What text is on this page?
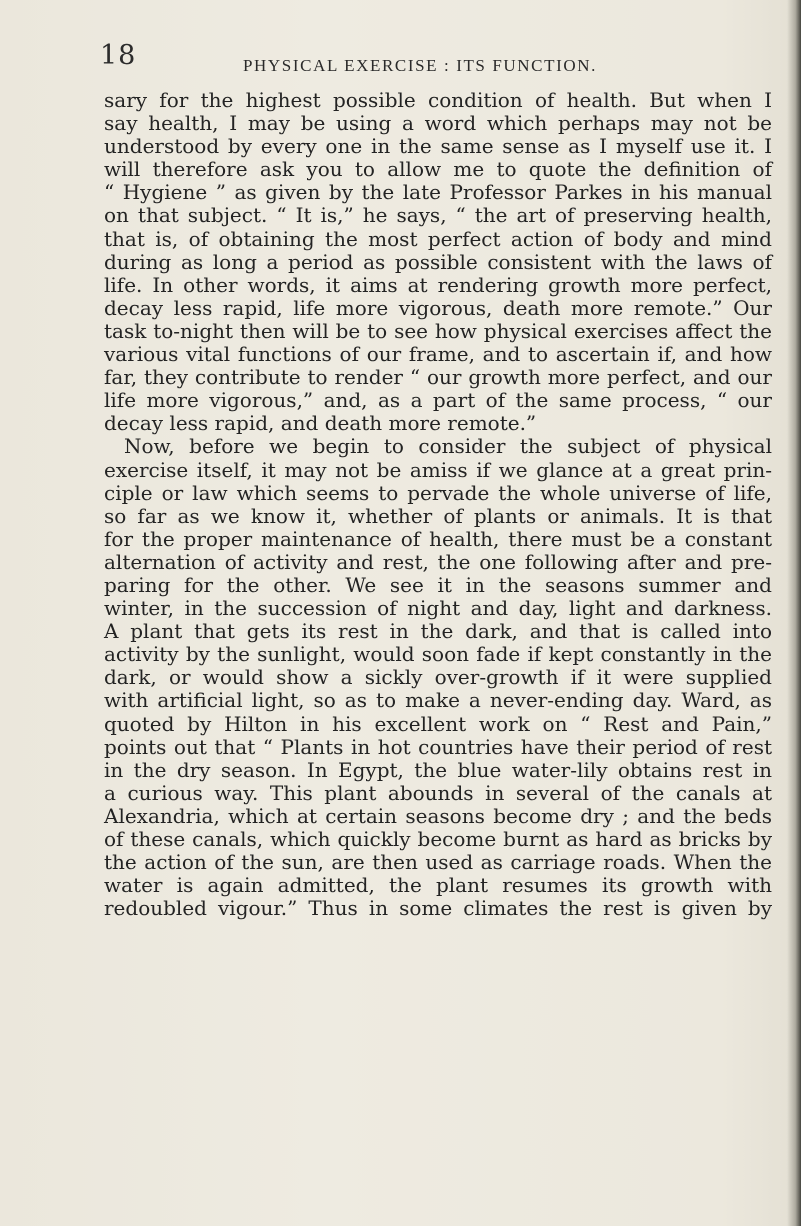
18	PHYSICAL EXERCISE : ITS FUNCTION.
sary for the highest possible condition of health. But when I
say health, I may be using a word which perhaps may not be
understood by every one in the same sense as I myself use it. I
will therefore ask you to allow me to quote the definition of
“ Hygiene ” as given by the late Professor Parkes in his manual
on that subject. “ It is,” he says, “ the art of preserving health,
that is, of obtaining the most perfect action of body and mind
during as long a period as possible consistent with the laws of
life. In other words, it aims at rendering growth more perfect,
decay less rapid, life more vigorous, death more remote.” Our
task to-night then will be to see how physical exercises affect the
various vital functions of our frame, and to ascertain if, and how
far, they contribute to render “ our growth more perfect, and our
life more vigorous,” and, as a part of the same process, “ our
decay less rapid, and death more remote.”
Now, before we begin to consider the subject of physical
exercise itself, it may not be amiss if we glance at a great prin-
ciple or law which seems to pervade the whole universe of life,
so far as we know it, whether of plants or animals. It is that
for the proper maintenance of health, there must be a constant
alternation of activity and rest, the one following after and pre-
paring for the other. We see it in the seasons summer and
winter, in the succession of night and day, light and darkness.
A plant that gets its rest in the dark, and that is called into
activity by the sunlight, would soon fade if kept constantly in the
dark, or would show a sickly over-growth if it were supplied
with artificial light, so as to make a never-ending day. Ward, as
quoted by Hilton in his excellent work on “ Rest and Pain,”
points out that “ Plants in hot countries have their period of rest
in the dry season. In Egypt, the blue water-lily obtains rest in
a curious way. This plant abounds in several of the canals at
Alexandria, which at certain seasons become dry ; and the beds
of these canals, which quickly become burnt as hard as bricks by
the action of the sun, are then used as carriage roads. When the
water is again admitted, the plant resumes its growth with
redoubled vigour.” Thus in some climates the rest is given by
